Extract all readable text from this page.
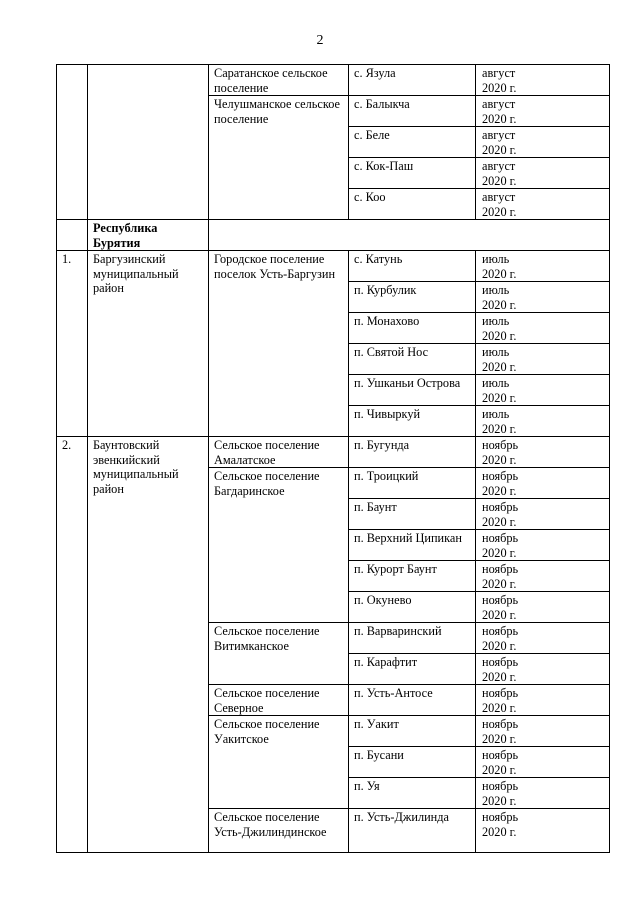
2
		Саратанское сельское поселение	с. Язула	август
2020 г.

		Челушманское сельское поселение	с. Балыкча	август
2020 г.

			с. Беле	август
2020 г.

			с. Кок-Паш	август
2020 г.

			с. Коо	август
2020 г.

	Республика Бурятия			
1.	Баргузинский муниципальный район	Городское поселение поселок Усть-Баргузин	с. Катунь	июль
2020 г.

			п. Курбулик	июль
2020 г.

			п. Монахово	июль
2020 г.

			п. Святой Нос	июль
2020 г.

			п. Ушканьи Острова	июль
2020 г.

			п. Чивыркуй	июль
2020 г.

2.	Баунтовский эвенкийский муниципальный район	Сельское поселение Амалатское	п. Бугунда	ноябрь
2020 г.

		Сельское поселение Багдаринское	п. Троицкий	ноябрь
2020 г.

			п. Баунт	ноябрь
2020 г.

			п. Верхний Ципикан	ноябрь
2020 г.

			п. Курорт Баунт	ноябрь
2020 г.

			п. Окунево	ноябрь
2020 г.

		Сельское поселение Витимканское	п. Варваринский	ноябрь
2020 г.

			п. Карафтит	ноябрь
2020 г.

		Сельское поселение Северное	п. Усть-Антосе	ноябрь
2020 г.

		Сельское поселение Уакитское	п. Уакит	ноябрь
2020 г.

			п. Бусани	ноябрь
2020 г.

			п. Уя	ноябрь
2020 г.

		Сельское поселение Усть-Джилиндинское	п. Усть-Джилинда	ноябрь
2020 г.
